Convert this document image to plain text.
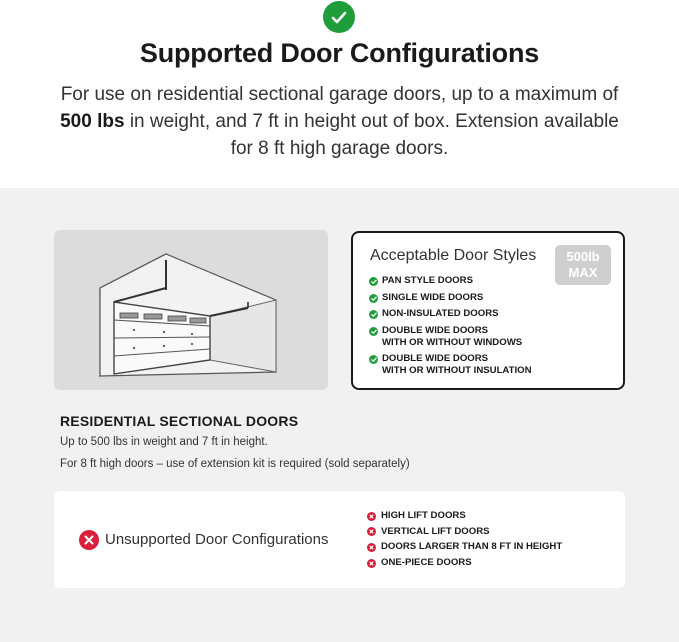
Supported Door Configurations
For use on residential sectional garage doors, up to a maximum of 500 lbs in weight, and 7 ft in height out of box. Extension available for 8 ft high garage doors.
Acceptable Door Styles	500lb
MAX
PAN STYLE DOORS
SINGLE WIDE DOORS
NON-INSULATED DOORS
DOUBLE WIDE DOORS
WITH OR WITHOUT WINDOWS
DOUBLE WIDE DOORS
WITH OR WITHOUT INSULATION
RESIDENTIAL SECTIONAL DOORS
Up to 500 lbs in weight and 7 ft in height.
For 8 ft high doors – use of extension kit is required (sold separately)
Unsupported Door Configurations
HIGH LIFT DOORS
VERTICAL LIFT DOORS
DOORS LARGER THAN 8 FT IN HEIGHT
ONE-PIECE DOORS
